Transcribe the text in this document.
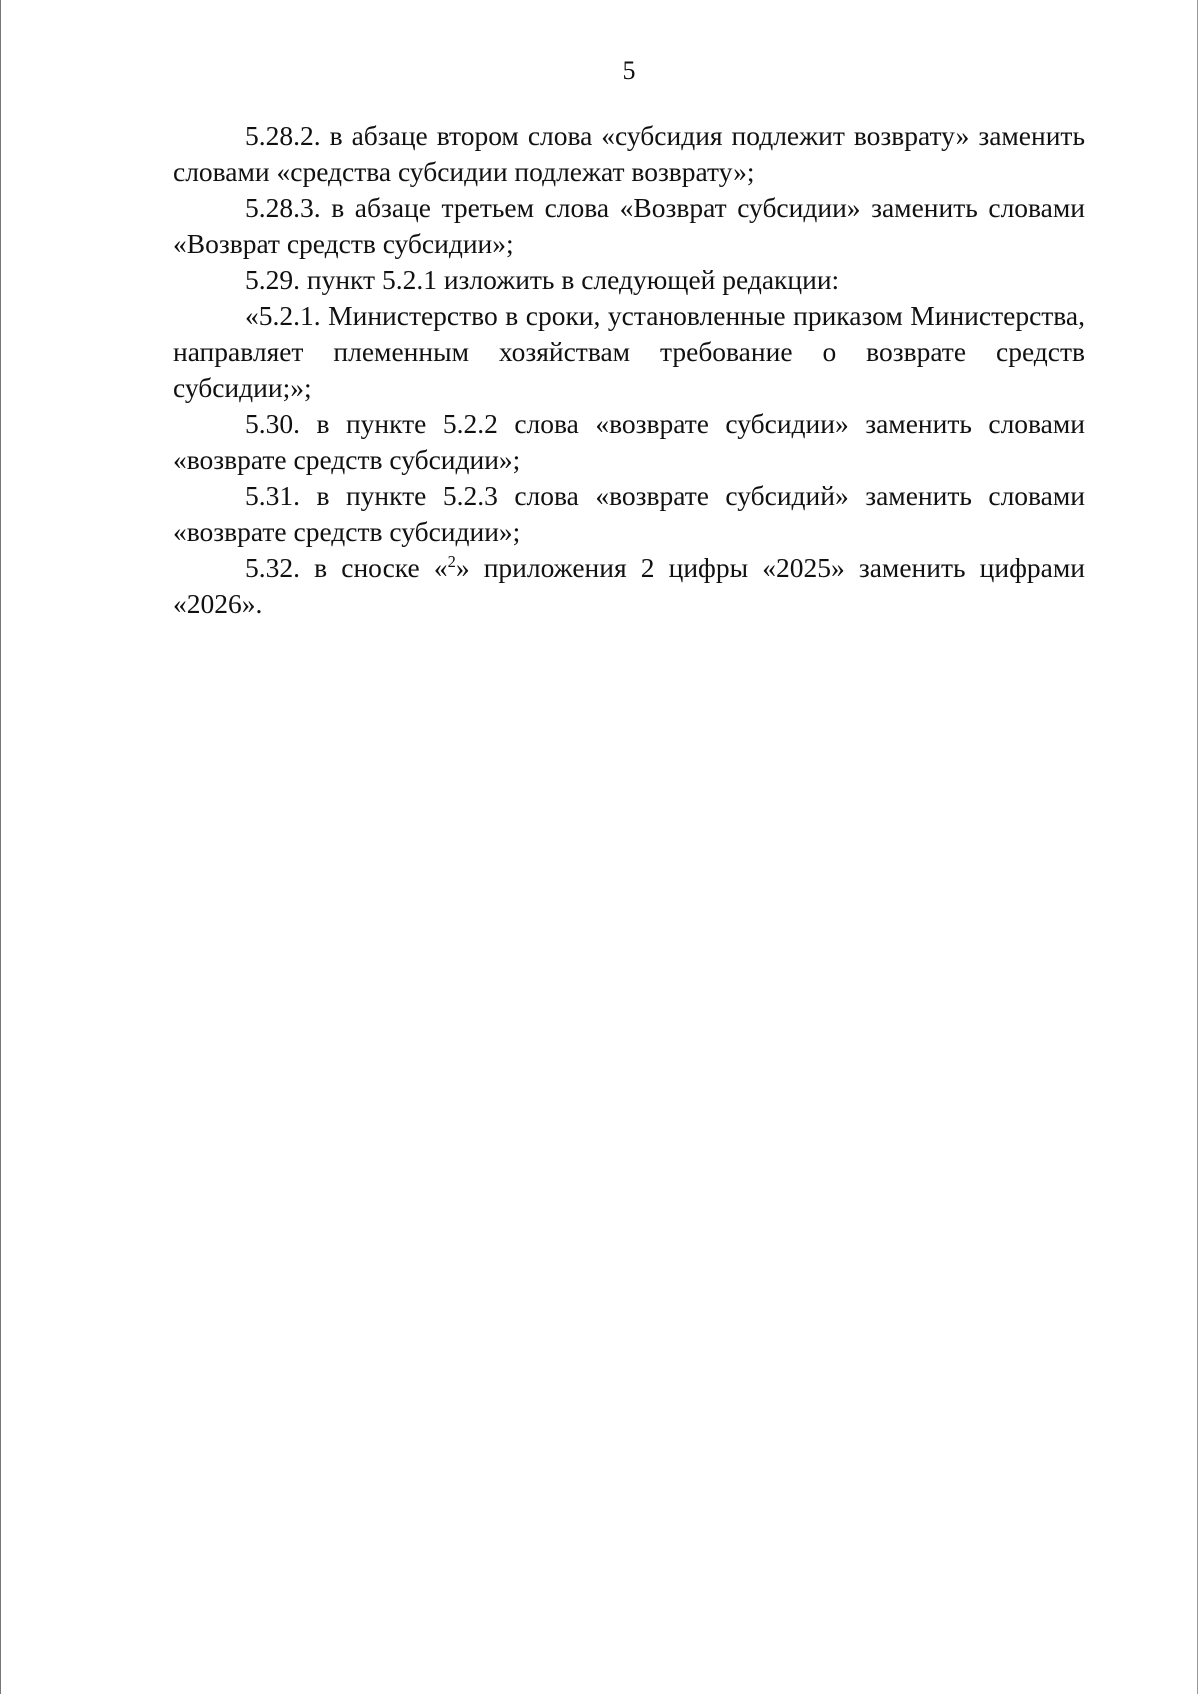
5

5.28.2. в абзаце втором слова «субсидия подлежит возврату» заменить словами «средства субсидии подлежат возврату»;

5.28.3. в абзаце третьем слова «Возврат субсидии» заменить словами «Возврат средств субсидии»;

5.29. пункт 5.2.1 изложить в следующей редакции:

«5.2.1. Министерство в сроки, установленные приказом Министерства, направляет племенным хозяйствам требование о возврате средств субсидии;»;

5.30. в пункте 5.2.2 слова «возврате субсидии» заменить словами «возврате средств субсидии»;

5.31. в пункте 5.2.3 слова «возврате субсидий» заменить словами «возврате средств субсидии»;

5.32. в сноске «$^2$» приложения 2 цифры «2025» заменить цифрами «2026».
